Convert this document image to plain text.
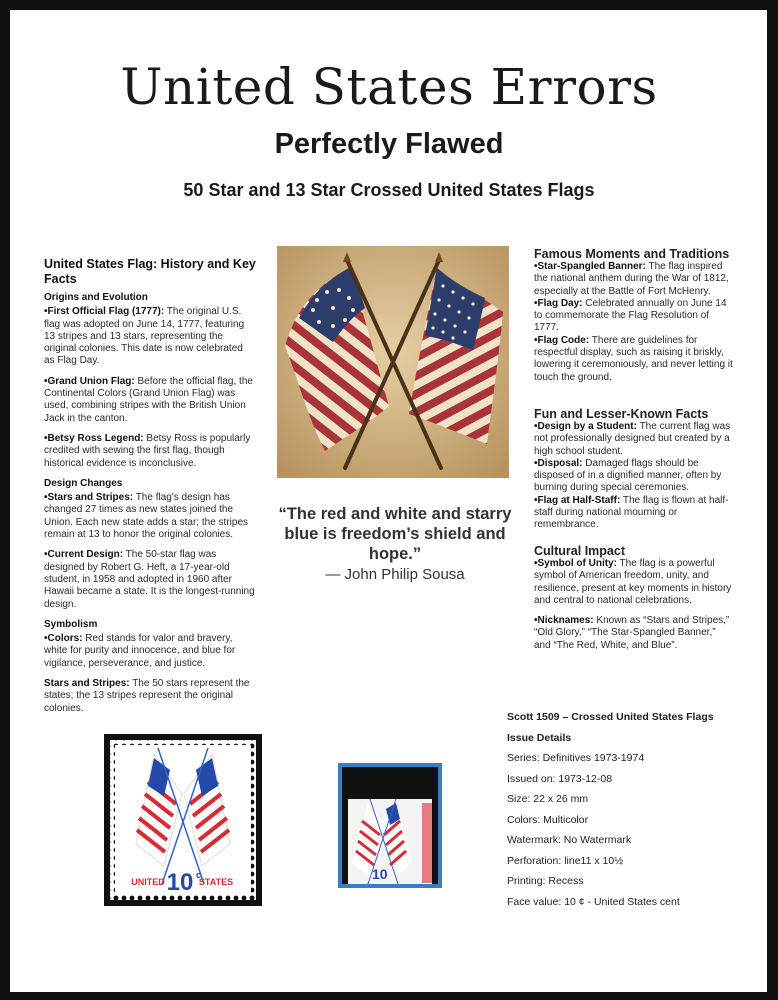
United States Errors
Perfectly Flawed
50 Star and 13 Star Crossed United States Flags
United States Flag: History and Key Facts
Origins and Evolution

•First Official Flag (1777): The original U.S. flag was adopted on June 14, 1777, featuring 13 stripes and 13 stars, representing the original colonies. This date is now celebrated as Flag Day.

•Grand Union Flag: Before the official flag, the Continental Colors (Grand Union Flag) was used, combining stripes with the British Union Jack in the canton.

•Betsy Ross Legend: Betsy Ross is popularly credited with sewing the first flag, though historical evidence is inconclusive.

Design Changes

•Stars and Stripes: The flag's design has changed 27 times as new states joined the Union. Each new state adds a star; the stripes remain at 13 to honor the original colonies.

•Current Design: The 50-star flag was designed by Robert G. Heft, a 17-year-old student, in 1958 and adopted in 1960 after Hawaii became a state. It is the longest-running design.

Symbolism

•Colors: Red stands for valor and bravery, white for purity and innocence, and blue for vigilance, perseverance, and justice.

Stars and Stripes: The 50 stars represent the states; the 13 stripes represent the original colonies.

“The red and white and starry blue is freedom’s shield and hope.”
— John Philip Sousa
Famous Moments and Traditions
•Star-Spangled Banner: The flag inspired the national anthem during the War of 1812, especially at the Battle of Fort McHenry.
•Flag Day: Celebrated annually on June 14 to commemorate the Flag Resolution of 1777.
•Flag Code: There are guidelines for respectful display, such as raising it briskly, lowering it ceremoniously, and never letting it touch the ground.
Fun and Lesser-Known Facts
•Design by a Student: The current flag was not professionally designed but created by a high school student.
•Disposal: Damaged flags should be disposed of in a dignified manner, often by burning during special ceremonies.
•Flag at Half-Staff: The flag is flown at half-staff during national mourning or remembrance.
Cultural Impact

•Symbol of Unity: The flag is a powerful symbol of American freedom, unity, and resilience, present at key moments in history and central to national celebrations.

•Nicknames: Known as “Stars and Stripes,” “Old Glory,” “The Star-Spangled Banner,” and “The Red, White, and Blue”.

UNITED	STATES
10 c	10
Scott 1509 – Crossed United States Flags
Issue Details
Series: Definitives 1973-1974
Issued on: 1973-12-08
Size: 22 x 26 mm
Colors: Multicolor
Watermark: No Watermark
Perforation: line11 x 10½
Printing: Recess
Face value: 10 ¢ - United States cent
